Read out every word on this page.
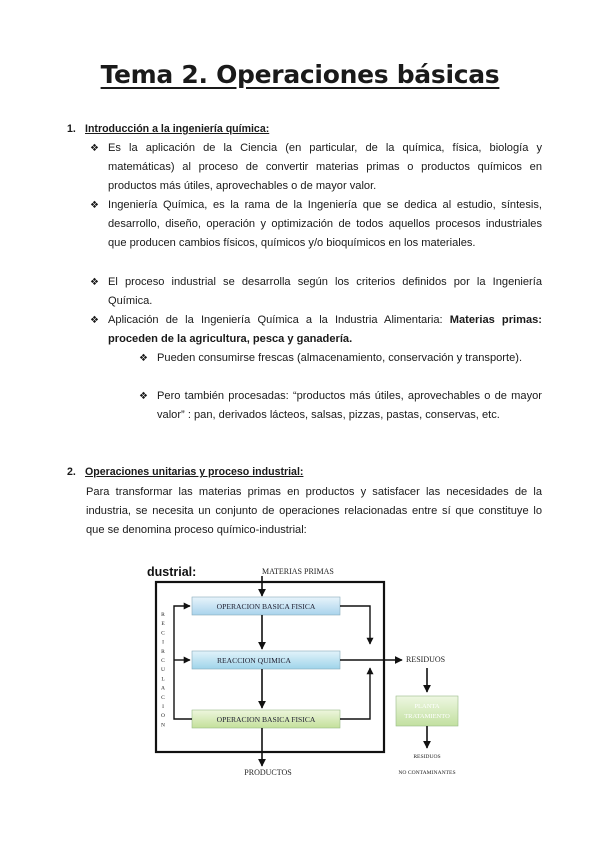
Tema 2. Operaciones básicas
1. Introducción a la ingeniería química:
❖ Es la aplicación de la Ciencia (en particular, de la química, física, biología y matemáticas) al proceso de convertir materias primas o productos químicos en productos más útiles, aprovechables o de mayor valor.
❖ Ingeniería Química, es la rama de la Ingeniería que se dedica al estudio, síntesis, desarrollo, diseño, operación y optimización de todos aquellos procesos industriales que producen cambios físicos, químicos y/o bioquímicos en los materiales.
❖ El proceso industrial se desarrolla según los criterios definidos por la Ingeniería Química.
❖ Aplicación de la Ingeniería Química a la Industria Alimentaria: Materias primas: proceden de la agricultura, pesca y ganadería.
❖ Pueden consumirse frescas (almacenamiento, conservación y transporte).
❖ Pero también procesadas: “productos más útiles, aprovechables o de mayor valor” : pan, derivados lácteos, salsas, pizzas, pastas, conservas, etc.
2. Operaciones unitarias y proceso industrial:
Para transformar las materias primas en productos y satisfacer las necesidades de la industria, se necesita un conjunto de operaciones relacionadas entre sí que constituye lo que se denomina proceso químico-industrial:
dustrial:	MATERIAS PRIMAS
R
E
C
I
R
C
U
L
A
C
I
O
N
OPERACION BASICA FISICA
REACCION QUIMICA
OPERACION BASICA FISICA
PLANTA
TRATAMIENTO
RESIDUOS
RESIDUOS
NO CONTAMINANTES
PRODUCTOS
